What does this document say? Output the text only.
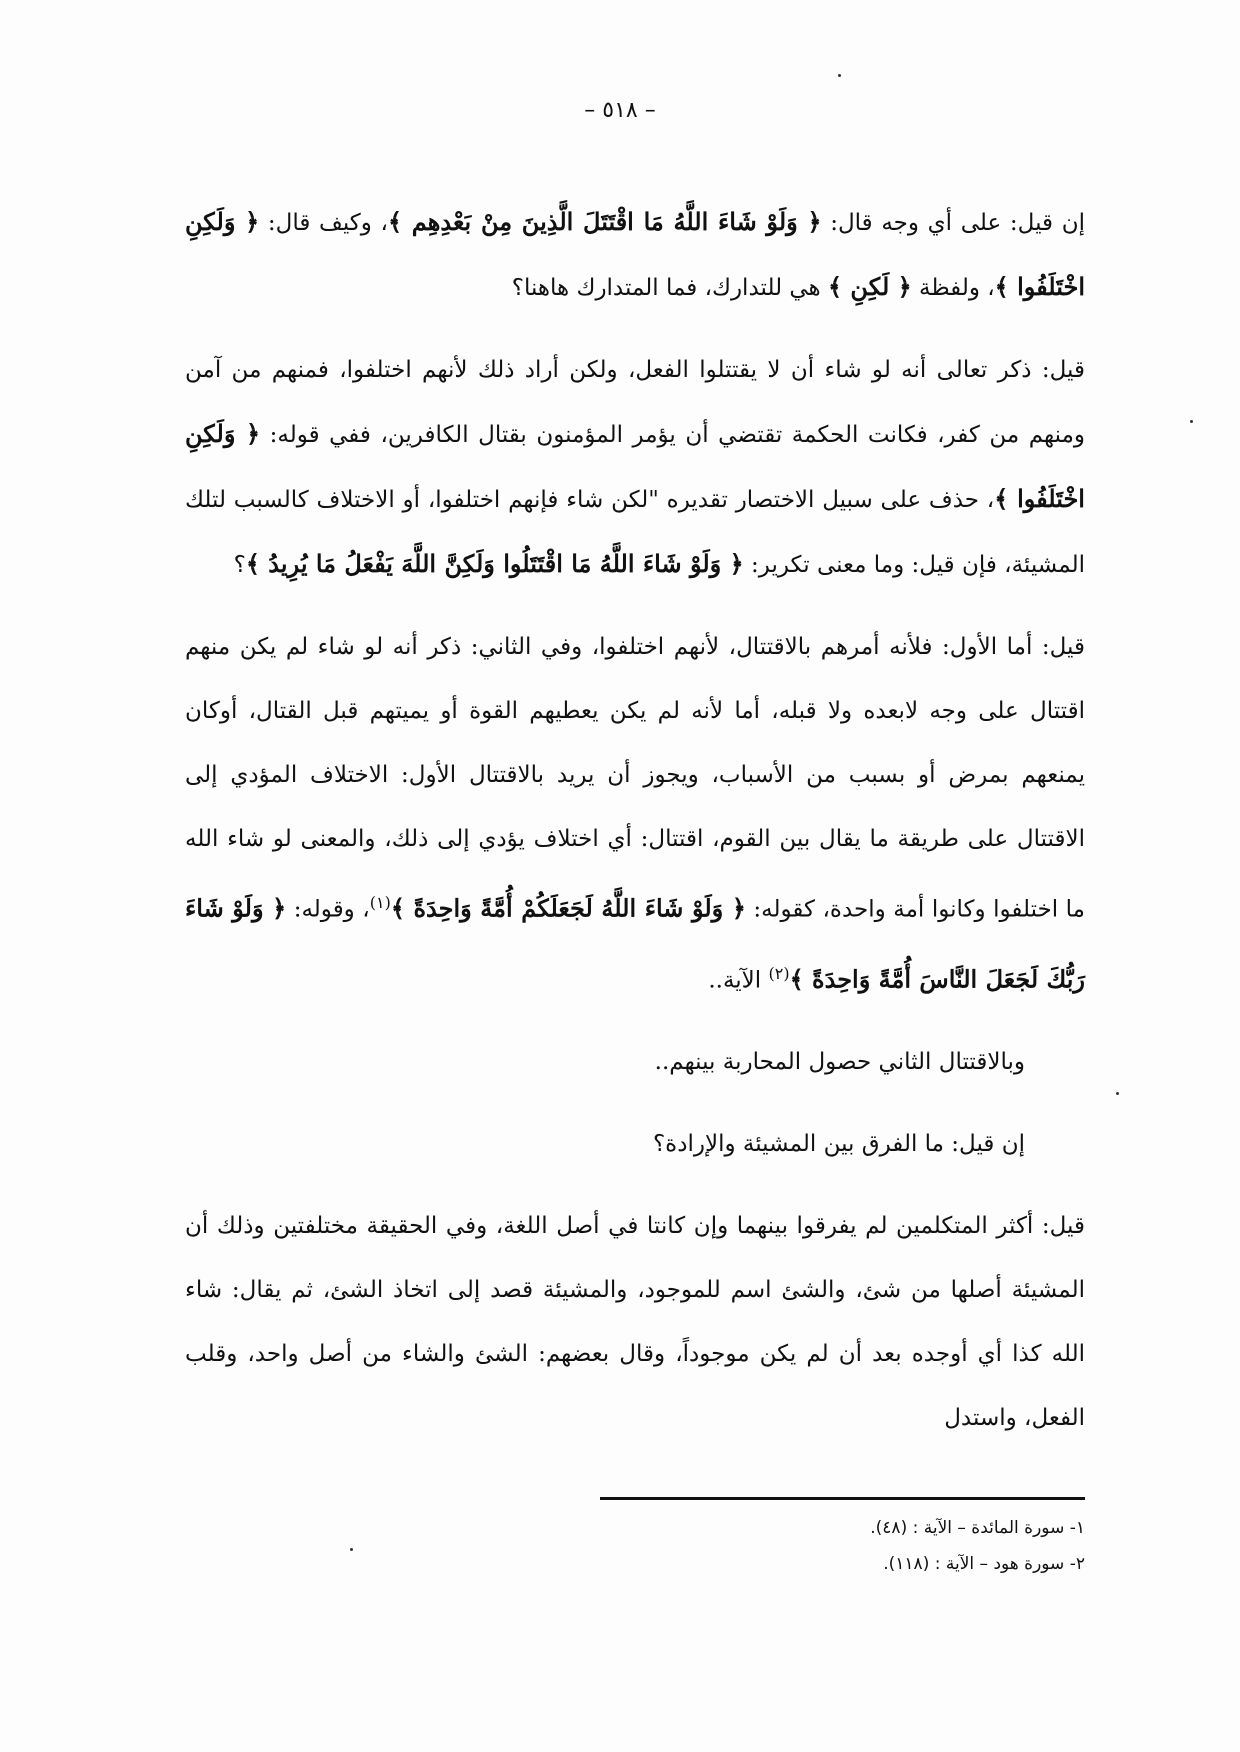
– ٥١٨ –

إن قيل: على أي وجه قال: ﴿ وَلَوْ شَاءَ اللَّهُ مَا اقْتَتَلَ الَّذِينَ مِنْ بَعْدِهِم ﴾، وكيف قال: ﴿ وَلَكِنِ اخْتَلَفُوا ﴾، ولفظة ﴿ لَكِنِ ﴾ هي للتدارك، فما المتدارك هاهنا؟

قيل: ذكر تعالى أنه لو شاء أن لا يقتتلوا الفعل، ولكن أراد ذلك لأنهم اختلفوا، فمنهم من آمن ومنهم من كفر، فكانت الحكمة تقتضي أن يؤمر المؤمنون بقتال الكافرين، ففي قوله: ﴿ وَلَكِنِ اخْتَلَفُوا ﴾، حذف على سبيل الاختصار تقديره "لكن شاء فإنهم اختلفوا، أو الاختلاف كالسبب لتلك المشيئة، فإن قيل: وما معنى تكرير: ﴿ وَلَوْ شَاءَ اللَّهُ مَا اقْتَتَلُوا وَلَكِنَّ اللَّهَ يَفْعَلُ مَا يُرِيدُ ﴾؟

قيل: أما الأول: فلأنه أمرهم بالاقتتال، لأنهم اختلفوا، وفي الثاني: ذكر أنه لو شاء لم يكن منهم اقتتال على وجه لابعده ولا قبله، أما لأنه لم يكن يعطيهم القوة أو يميتهم قبل القتال، أوكان يمنعهم بمرض أو بسبب من الأسباب، ويجوز أن يريد بالاقتتال الأول: الاختلاف المؤدي إلى الاقتتال على طريقة ما يقال بين القوم، اقتتال: أي اختلاف يؤدي إلى ذلك، والمعنى لو شاء الله ما اختلفوا وكانوا أمة واحدة، كقوله: ﴿ وَلَوْ شَاءَ اللَّهُ لَجَعَلَكُمْ أُمَّةً وَاحِدَةً ﴾$^{(١)}$، وقوله: ﴿ وَلَوْ شَاءَ رَبُّكَ لَجَعَلَ النَّاسَ أُمَّةً وَاحِدَةً ﴾$^{(٢)}$ الآية..

وبالاقتتال الثاني حصول المحاربة بينهم..

إن قيل: ما الفرق بين المشيئة والإرادة؟

قيل: أكثر المتكلمين لم يفرقوا بينهما وإن كانتا في أصل اللغة، وفي الحقيقة مختلفتين وذلك أن المشيئة أصلها من شئ، والشئ اسم للموجود، والمشيئة قصد إلى اتخاذ الشئ، ثم يقال: شاء الله كذا أي أوجده بعد أن لم يكن موجوداً، وقال بعضهم: الشئ والشاء من أصل واحد، وقلب الفعل، واستدل

١- سورة المائدة – الآية : (٤٨).
٢- سورة هود – الآية : (١١٨).
